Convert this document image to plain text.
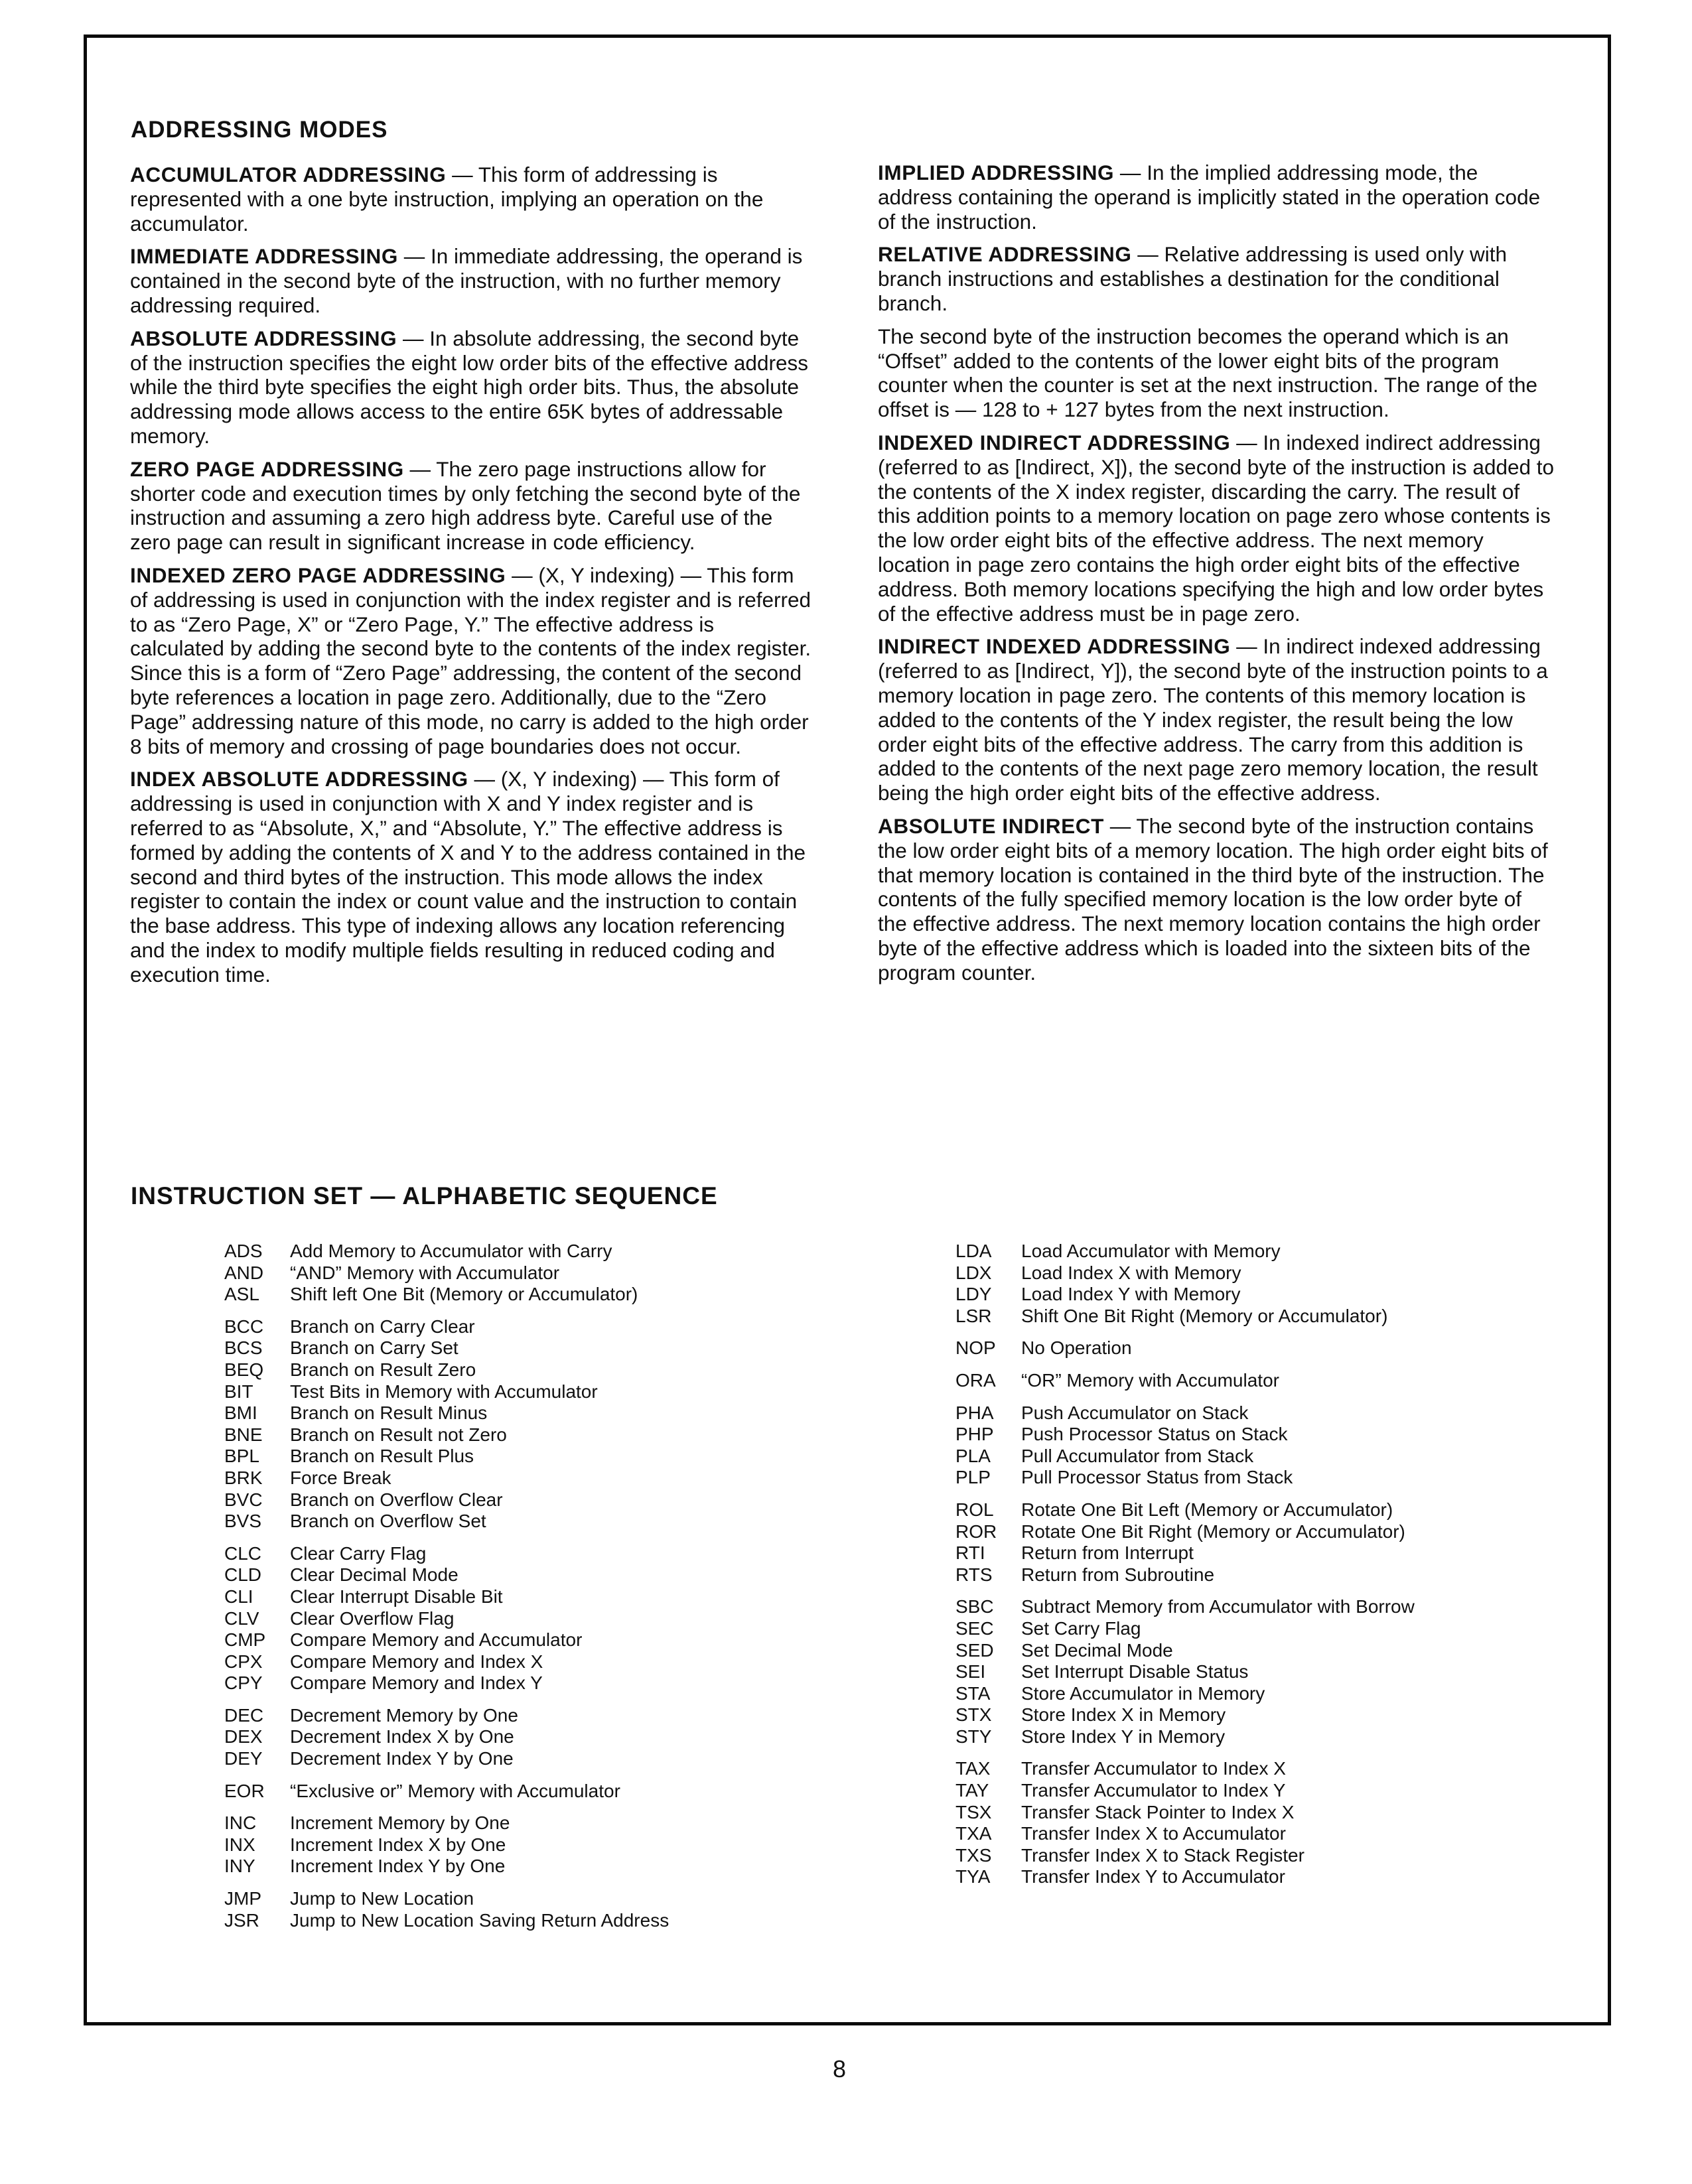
ADDRESSING MODES

ACCUMULATOR ADDRESSING — This form of addressing is represented with a one byte instruction, implying an operation on the accumulator.

IMMEDIATE ADDRESSING — In immediate addressing, the operand is contained in the second byte of the instruction, with no further memory addressing required.

ABSOLUTE ADDRESSING — In absolute addressing, the second byte of the instruction specifies the eight low order bits of the effective address while the third byte specifies the eight high order bits. Thus, the absolute addressing mode allows access to the entire 65K bytes of addressable memory.

ZERO PAGE ADDRESSING — The zero page instructions allow for shorter code and execution times by only fetching the second byte of the instruction and assuming a zero high address byte. Careful use of the zero page can result in significant increase in code efficiency.

INDEXED ZERO PAGE ADDRESSING — (X, Y indexing) — This form of addressing is used in conjunction with the index register and is referred to as “Zero Page, X” or “Zero Page, Y.” The effective address is calculated by adding the second byte to the contents of the index register. Since this is a form of “Zero Page” addressing, the content of the second byte references a location in page zero. Additionally, due to the “Zero Page” addressing nature of this mode, no carry is added to the high order 8 bits of memory and crossing of page boundaries does not occur.

INDEX ABSOLUTE ADDRESSING — (X, Y indexing) — This form of addressing is used in conjunction with X and Y index register and is referred to as “Absolute, X,” and “Absolute, Y.” The effective address is formed by adding the contents of X and Y to the address contained in the second and third bytes of the instruction. This mode allows the index register to contain the index or count value and the instruction to contain the base address. This type of indexing allows any location referencing and the index to modify multiple fields resulting in reduced coding and execution time.

IMPLIED ADDRESSING — In the implied addressing mode, the address containing the operand is implicitly stated in the operation code of the instruction.

RELATIVE ADDRESSING — Relative addressing is used only with branch instructions and establishes a destination for the conditional branch.

The second byte of the instruction becomes the operand which is an “Offset” added to the contents of the lower eight bits of the program counter when the counter is set at the next instruction. The range of the offset is — 128 to + 127 bytes from the next instruction.

INDEXED INDIRECT ADDRESSING — In indexed indirect addressing (referred to as [Indirect, X]), the second byte of the instruction is added to the contents of the X index register, discarding the carry. The result of this addition points to a memory location on page zero whose contents is the low order eight bits of the effective address. The next memory location in page zero contains the high order eight bits of the effective address. Both memory locations specifying the high and low order bytes of the effective address must be in page zero.

INDIRECT INDEXED ADDRESSING — In indirect indexed addressing (referred to as [Indirect, Y]), the second byte of the instruction points to a memory location in page zero. The contents of this memory location is added to the contents of the Y index register, the result being the low order eight bits of the effective address. The carry from this addition is added to the contents of the next page zero memory location, the result being the high order eight bits of the effective address.

ABSOLUTE INDIRECT — The second byte of the instruction contains the low order eight bits of a memory location. The high order eight bits of that memory location is contained in the third byte of the instruction. The contents of the fully specified memory location is the low order byte of the effective address. The next memory location contains the high order byte of the effective address which is loaded into the sixteen bits of the program counter.

INSTRUCTION SET — ALPHABETIC SEQUENCE
ADS	Add Memory to Accumulator with Carry
AND	“AND” Memory with Accumulator
ASL	Shift left One Bit (Memory or Accumulator)
BCC	Branch on Carry Clear
BCS	Branch on Carry Set
BEQ	Branch on Result Zero
BIT	Test Bits in Memory with Accumulator
BMI	Branch on Result Minus
BNE	Branch on Result not Zero
BPL	Branch on Result Plus
BRK	Force Break
BVC	Branch on Overflow Clear
BVS	Branch on Overflow Set
CLC	Clear Carry Flag
CLD	Clear Decimal Mode
CLI	Clear Interrupt Disable Bit
CLV	Clear Overflow Flag
CMP	Compare Memory and Accumulator
CPX	Compare Memory and Index X
CPY	Compare Memory and Index Y
DEC	Decrement Memory by One
DEX	Decrement Index X by One
DEY	Decrement Index Y by One
EOR	“Exclusive or” Memory with Accumulator
INC	Increment Memory by One
INX	Increment Index X by One
INY	Increment Index Y by One
JMP	Jump to New Location
JSR	Jump to New Location Saving Return Address
LDA	Load Accumulator with Memory
LDX	Load Index X with Memory
LDY	Load Index Y with Memory
LSR	Shift One Bit Right (Memory or Accumulator)
NOP	No Operation
ORA	“OR” Memory with Accumulator
PHA	Push Accumulator on Stack
PHP	Push Processor Status on Stack
PLA	Pull Accumulator from Stack
PLP	Pull Processor Status from Stack
ROL	Rotate One Bit Left (Memory or Accumulator)
ROR	Rotate One Bit Right (Memory or Accumulator)
RTI	Return from Interrupt
RTS	Return from Subroutine
SBC	Subtract Memory from Accumulator with Borrow
SEC	Set Carry Flag
SED	Set Decimal Mode
SEI	Set Interrupt Disable Status
STA	Store Accumulator in Memory
STX	Store Index X in Memory
STY	Store Index Y in Memory
TAX	Transfer Accumulator to Index X
TAY	Transfer Accumulator to Index Y
TSX	Transfer Stack Pointer to Index X
TXA	Transfer Index X to Accumulator
TXS	Transfer Index X to Stack Register
TYA	Transfer Index Y to Accumulator
8
